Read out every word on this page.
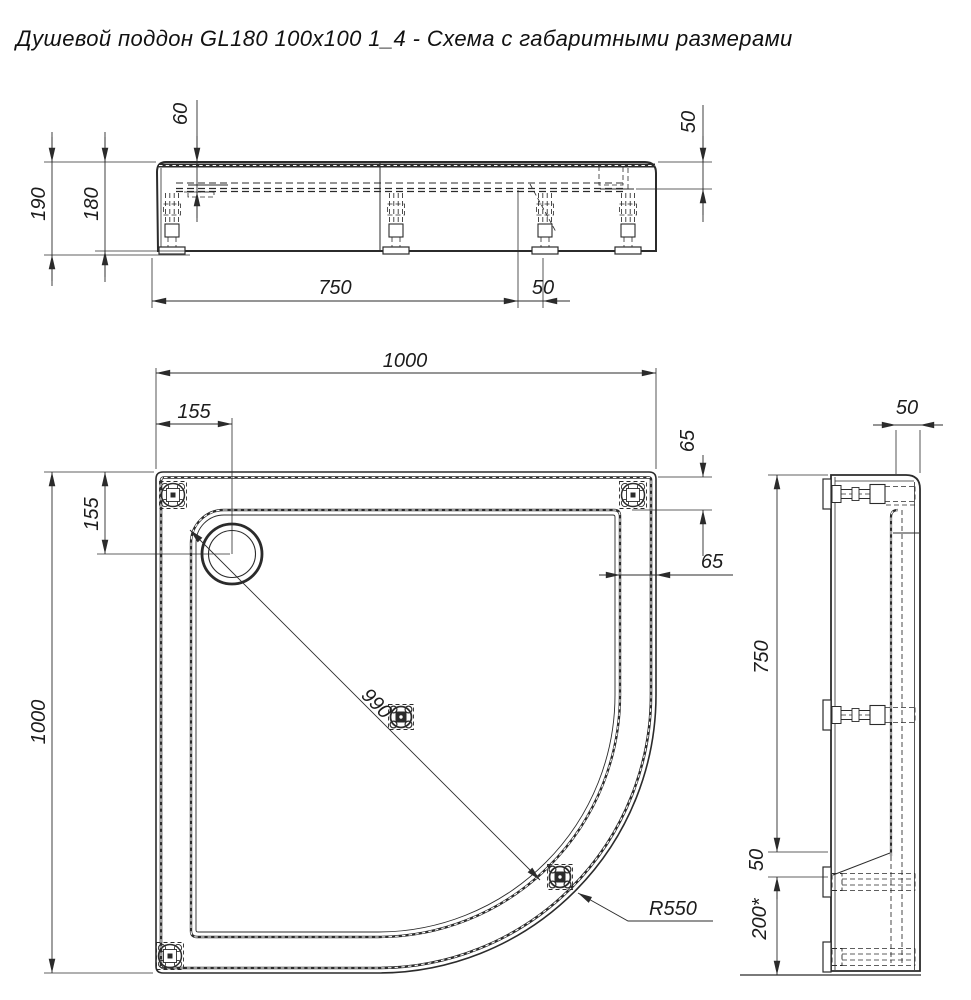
Душевой поддон GL180 100x100 1_4 - Схема с габаритными размерами
60	50
190 180
750	50
1000
155
1000
155
65
65
990
R550
50
750
50
200*
